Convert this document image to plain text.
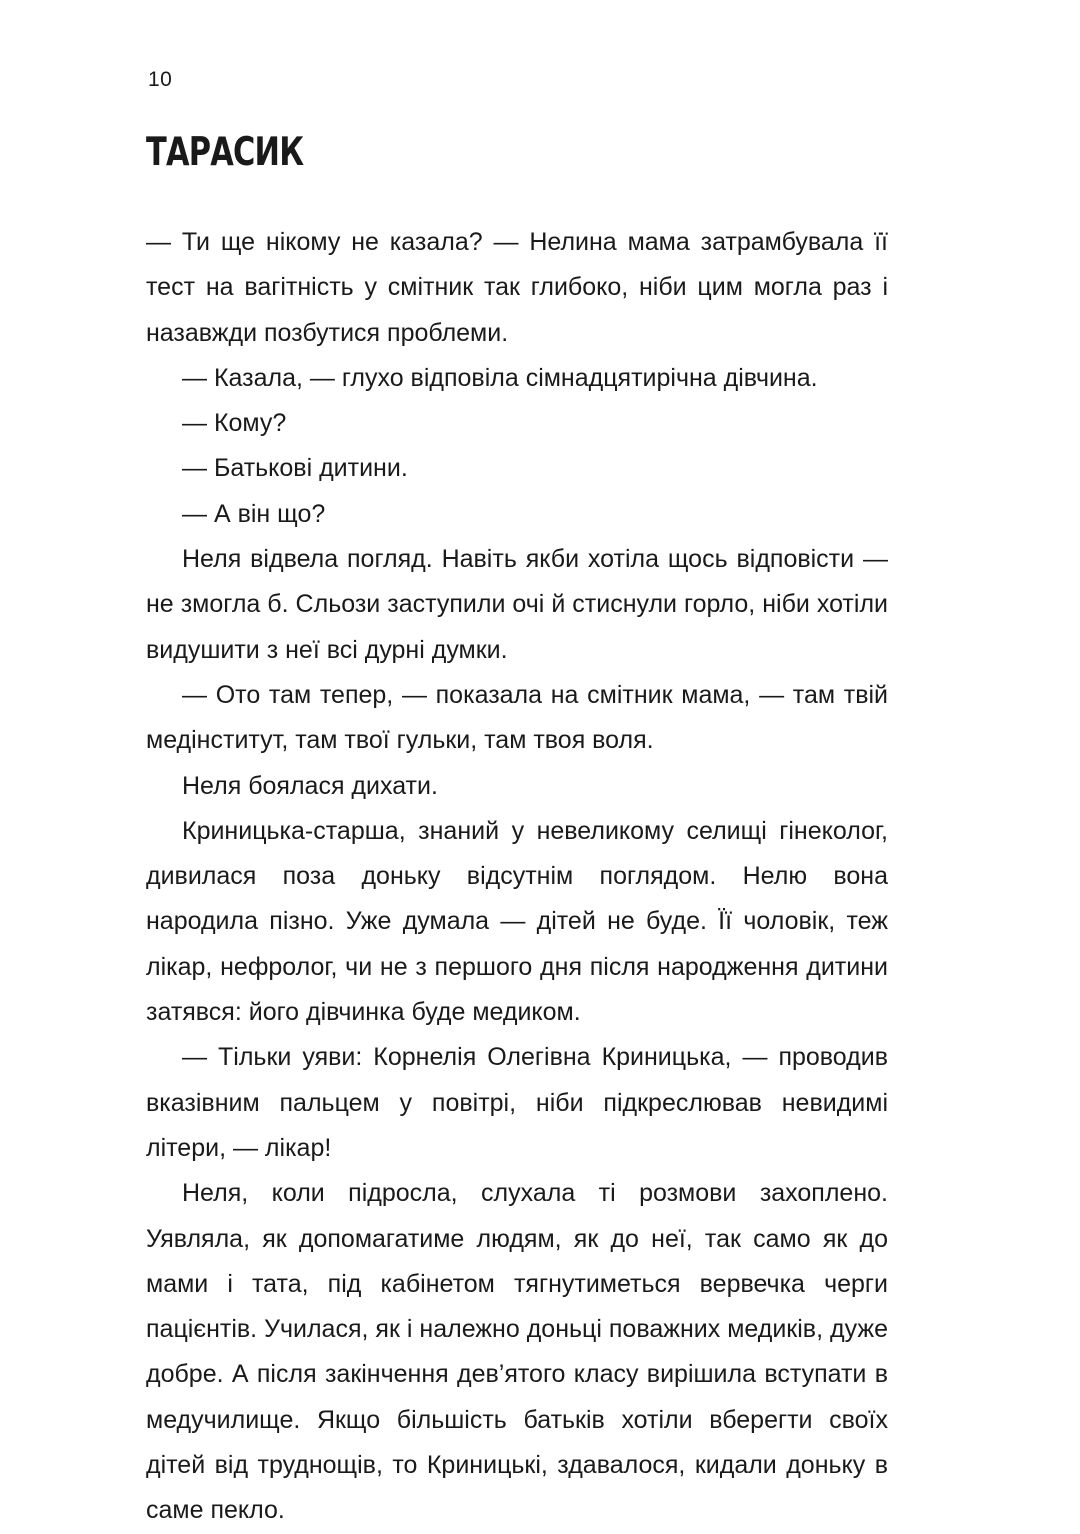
10
ТАРАСИК

— Ти ще нікому не казала? — Нелина мама затрамбувала її тест на вагітність у смітник так глибоко, ніби цим могла раз і назавжди позбутися проблеми.

— Казала, — глухо відповіла сімнадцятирічна дівчина.

— Кому?

— Батькові дитини.

— А він що?

Неля відвела погляд. Навіть якби хотіла щось відповісти — не змогла б. Сльози заступили очі й стиснули горло, ніби хотіли видушити з неї всі дурні думки.

— Ото там тепер, — показала на смітник мама, — там твій медінститут, там твої гульки, там твоя воля.

Неля боялася дихати.

Криницька-старша, знаний у невеликому селищі гінеколог, дивилася поза доньку відсутнім поглядом. Нелю вона народила пізно. Уже думала — дітей не буде. Її чоловік, теж лікар, нефролог, чи не з першого дня після народження дитини затявся: його дівчинка буде медиком.

— Тільки уяви: Корнелія Олегівна Криницька, — проводив вказівним пальцем у повітрі, ніби підкреслював невидимі літери, — лікар!

Неля, коли підросла, слухала ті розмови захоплено. Уявляла, як допомагатиме людям, як до неї, так само як до мами і тата, під кабінетом тягнутиметься вервечка черги пацієнтів. Училася, як і належно доньці поважних медиків, дуже добре. А після закінчення дев’ятого класу вирішила вступати в медучилище. Якщо більшість батьків хотіли вберегти своїх дітей від труднощів, то Криницькі, здавалося, кидали доньку в саме пекло.
